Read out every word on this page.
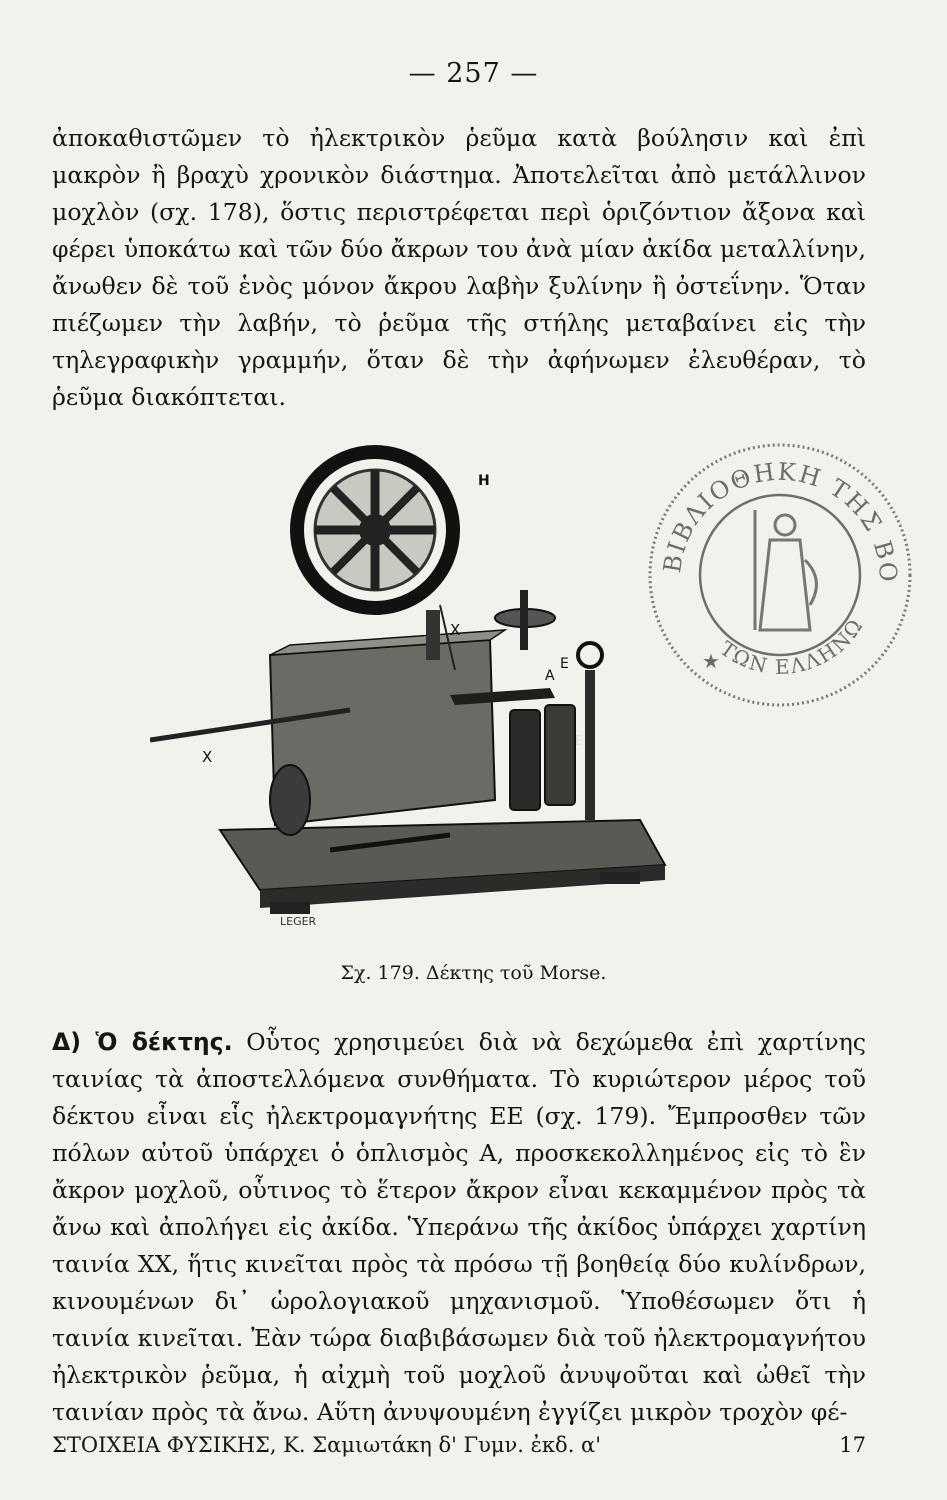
— 257 —

ἀποκαθιστῶμεν τὸ ἠλεκτρικὸν ῥεῦμα κατὰ βούλησιν καὶ ἐπὶ μακρὸν ἢ βραχὺ χρονικὸν διάστημα. Ἀποτελεῖται ἀπὸ μετάλλινον μοχλὸν (σχ. 178), ὅστις περιστρέφεται περὶ ὁριζόντιον ἄξονα καὶ φέρει ὑποκάτω καὶ τῶν δύο ἄκρων του ἀνὰ μίαν ἀκίδα μεταλλίνην, ἄνωθεν δὲ τοῦ ἑνὸς μόνον ἄκρου λαβὴν ξυλίνην ἢ ὀστεΐνην. Ὅταν πιέζωμεν τὴν λαβήν, τὸ ῥεῦμα τῆς στήλης μεταβαίνει εἰς τὴν τηλεγραφικὴν γραμμήν, ὅταν δὲ τὴν ἀφήνωμεν ἐλευθέραν, τὸ ῥεῦμα διακόπτεται.

H
X
X
A
E
E
LEGER
Σχ. 179. Δέκτης τοῦ Morse.
ΒΙΒΛΙΟΘΗΚΗ ΤΗΣ ΒΟ
ΤΩΝ ΕΛΛΗΝΩ
★

Δ) Ὁ δέκτης. Οὗτος χρησιμεύει διὰ νὰ δεχώμεθα ἐπὶ χαρτίνης ταινίας τὰ ἀποστελλόμενα συνθήματα. Τὸ κυριώτερον μέρος τοῦ δέκτου εἶναι εἷς ἠλεκτρομαγνήτης ΕΕ (σχ. 179). Ἔμπροσθεν τῶν πόλων αὐτοῦ ὑπάρχει ὁ ὁπλισμὸς Α, προσκεκολλημένος εἰς τὸ ἓν ἄκρον μοχλοῦ, οὗτινος τὸ ἕτερον ἄκρον εἶναι κεκαμμένον πρὸς τὰ ἄνω καὶ ἀπολήγει εἰς ἀκίδα. Ὑπεράνω τῆς ἀκίδος ὑπάρχει χαρτίνη ταινία ΧΧ, ἥτις κινεῖται πρὸς τὰ πρόσω τῇ βοηθείᾳ δύο κυλίνδρων, κινουμένων δι᾽ ὡρολογιακοῦ μηχανισμοῦ. Ὑποθέσωμεν ὅτι ἡ ταινία κινεῖται. Ἐὰν τώρα διαβιβάσωμεν διὰ τοῦ ἠλεκτρομαγνήτου ἠλεκτρικὸν ῥεῦμα, ἡ αἰχμὴ τοῦ μοχλοῦ ἀνυψοῦται καὶ ὠθεῖ τὴν ταινίαν πρὸς τὰ ἄνω. Αὕτη ἀνυψουμένη ἐγγίζει μικρὸν τροχὸν φέ-

ΣΤΟΙΧΕΙΑ ΦΥΣΙΚΗΣ, Κ. Σαμιωτάκη δ' Γυμν. ἐκδ. α'	17
